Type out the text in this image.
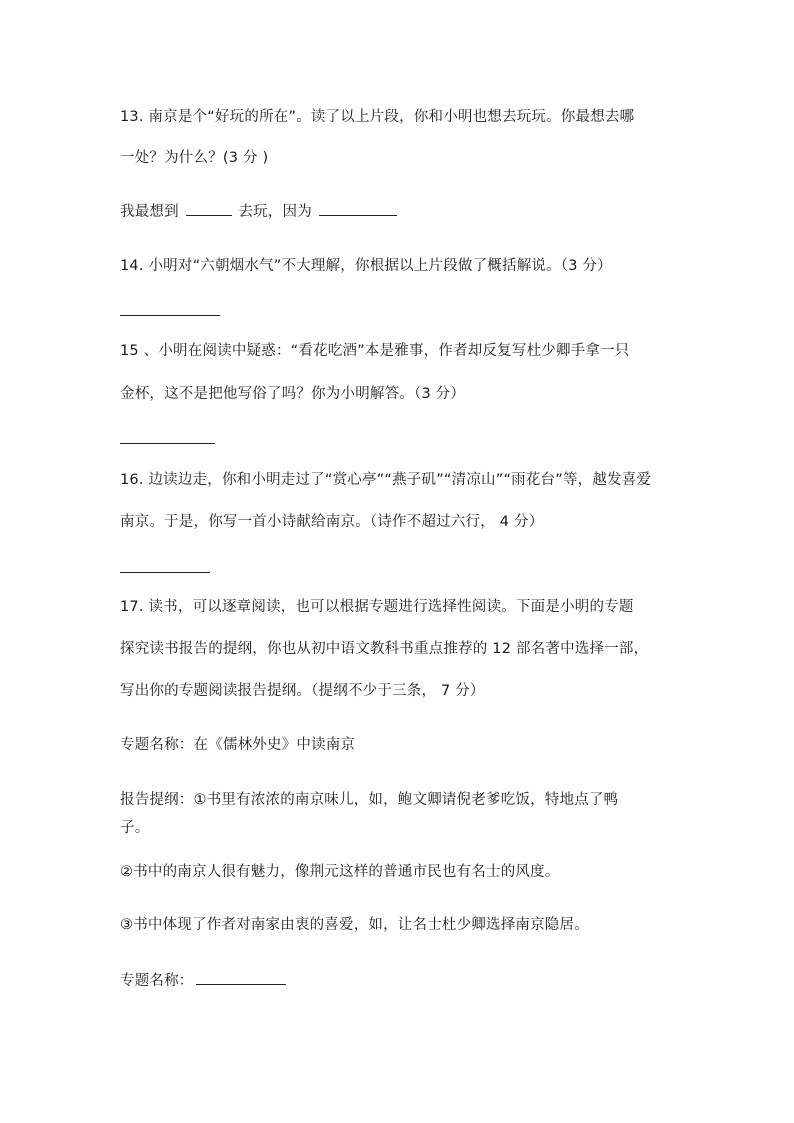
13. 南京是个“好玩的所在”。读了以上片段，你和小明也想去玩玩。你最想去哪
一处？为什么？(3 分 )
我最想到	去玩，因为
14. 小明对“六朝烟水气”不大理解，你根据以上片段做了概括解说。（3 分）
15 、小明在阅读中疑惑：“看花吃酒”本是雅事，作者却反复写杜少卿手拿一只
金杯，这不是把他写俗了吗？你为小明解答。（3 分）
16. 边读边走，你和小明走过了“赏心亭”“燕子矶”“清凉山”“雨花台”等，越发喜爱
南京。于是，你写一首小诗献给南京。（诗作不超过六行， 4 分）
17. 读书，可以逐章阅读，也可以根据专题进行选择性阅读。下面是小明的专题
探究读书报告的提纲，你也从初中语文教科书重点推荐的 12 部名著中选择一部，
写出你的专题阅读报告提纲。（提纲不少于三条， 7 分）
专题名称：在《儒林外史》中读南京
报告提纲：①书里有浓浓的南京味儿，如，鲍文卿请倪老爹吃饭，特地点了鸭
子。
②书中的南京人很有魅力，像荆元这样的普通市民也有名士的风度。
③书中体现了作者对南家由衷的喜爱，如，让名士杜少卿选择南京隐居。
专题名称：
